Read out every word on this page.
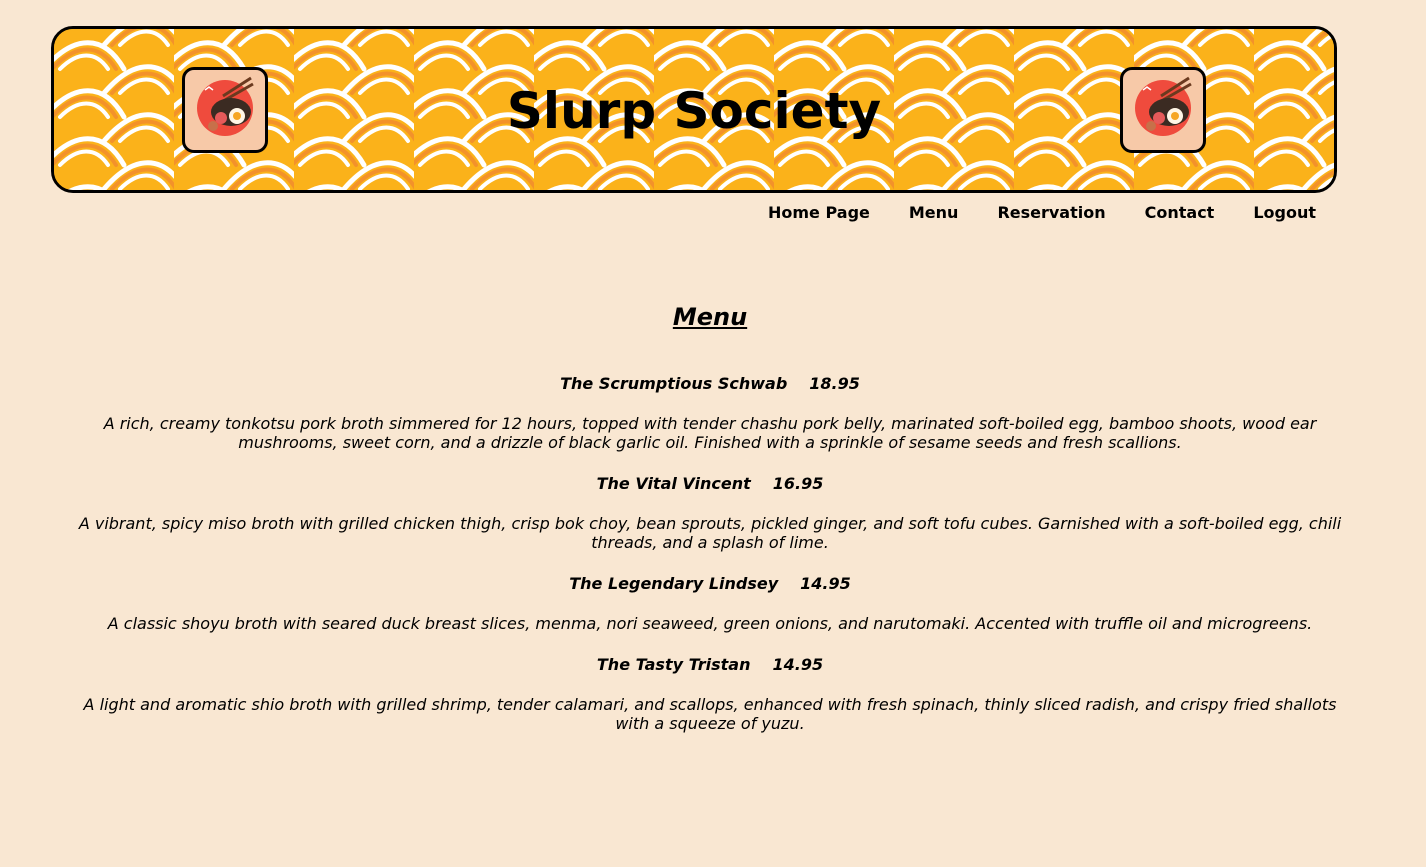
Slurp Society
Home Page Menu Reservation Contact Logout
Menu

The Scrumptious Schwab 18.95

A rich, creamy tonkotsu pork broth simmered for 12 hours, topped with tender chashu pork belly, marinated soft-boiled egg, bamboo shoots, wood ear mushrooms, sweet corn, and a drizzle of black garlic oil. Finished with a sprinkle of sesame seeds and fresh scallions.

The Vital Vincent 16.95

A vibrant, spicy miso broth with grilled chicken thigh, crisp bok choy, bean sprouts, pickled ginger, and soft tofu cubes. Garnished with a soft-boiled egg, chili threads, and a splash of lime.

The Legendary Lindsey 14.95

A classic shoyu broth with seared duck breast slices, menma, nori seaweed, green onions, and narutomaki. Accented with truffle oil and microgreens.

The Tasty Tristan 14.95

A light and aromatic shio broth with grilled shrimp, tender calamari, and scallops, enhanced with fresh spinach, thinly sliced radish, and crispy fried shallots with a squeeze of yuzu.
